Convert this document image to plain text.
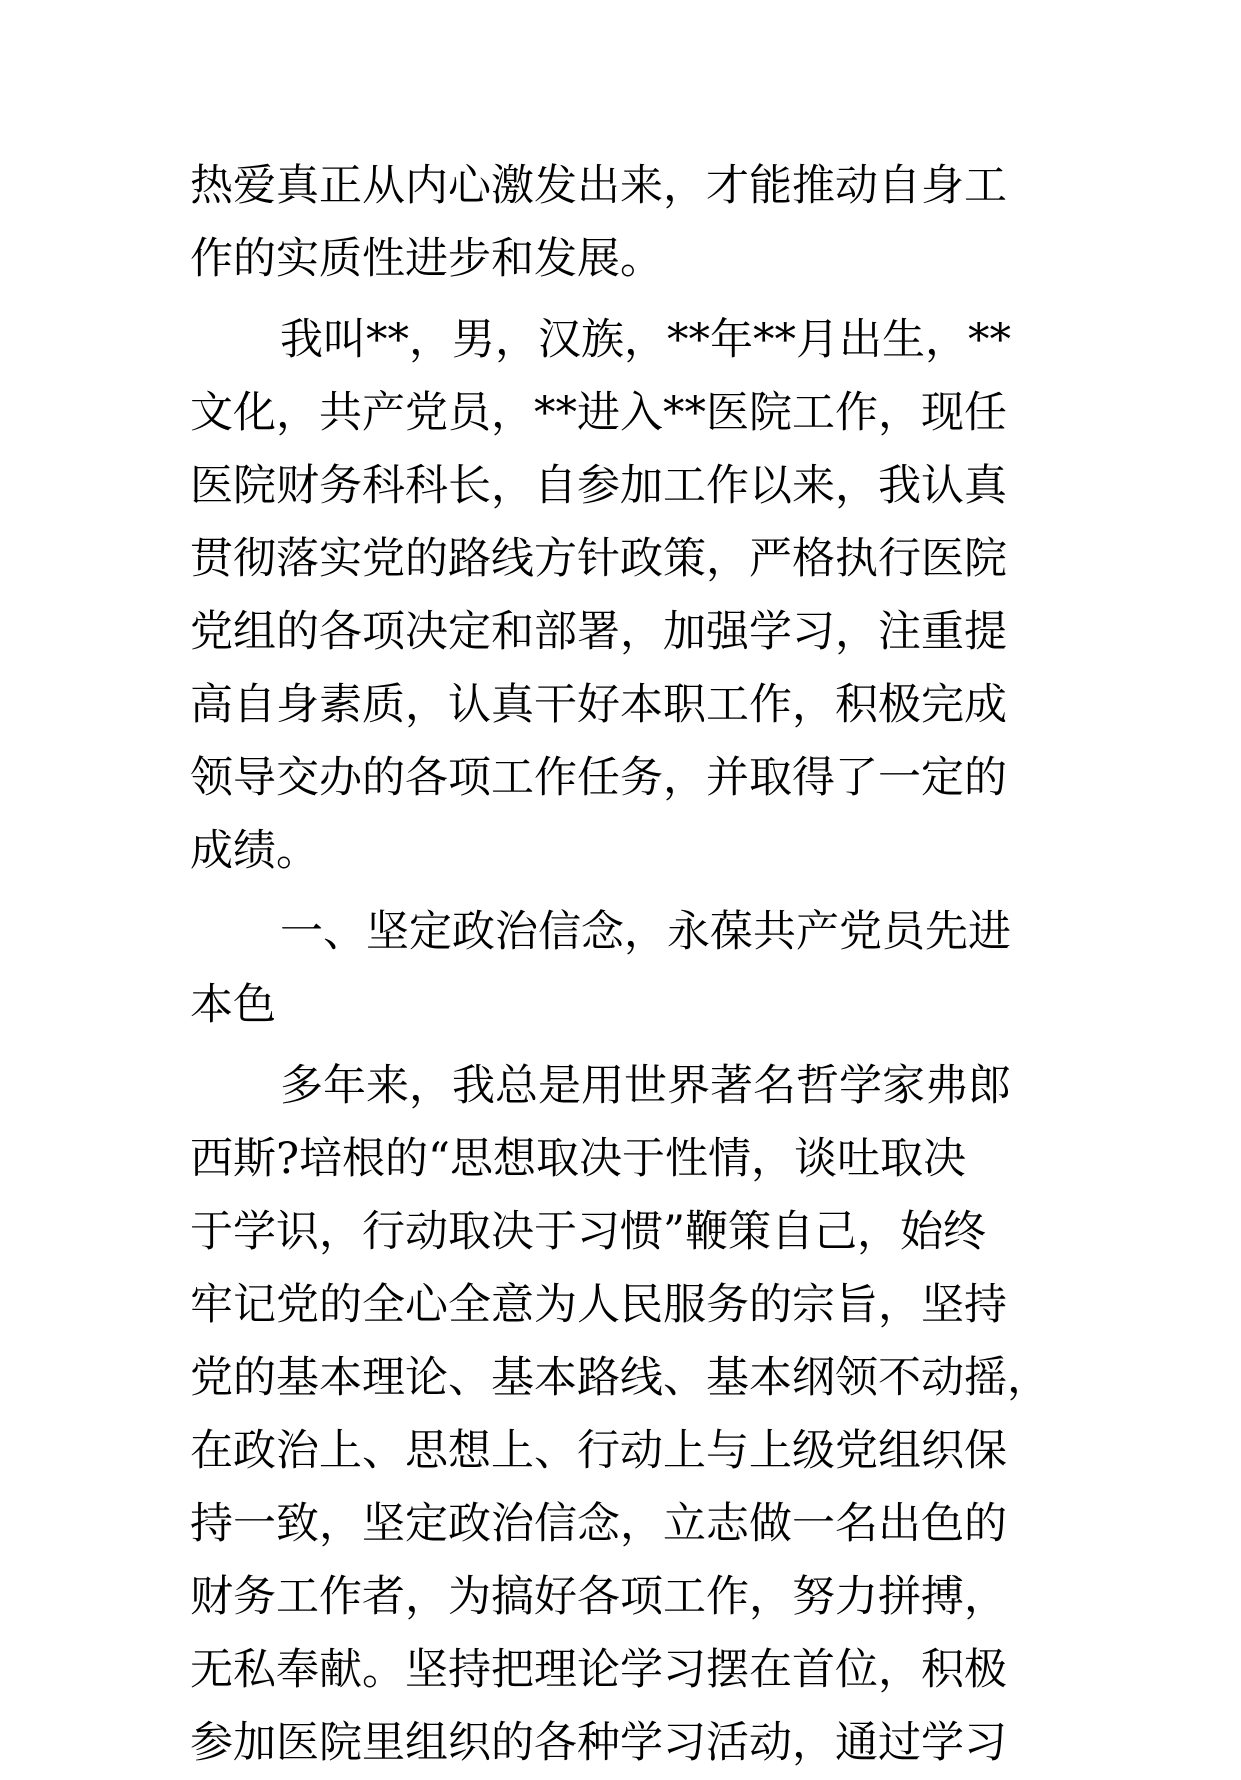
热爱真正从内心激发出来，才能推动自身工
作的实质性进步和发展。
我叫**，男，汉族，**年**月出生，**
文化，共产党员，**进入**医院工作，现任
医院财务科科长，自参加工作以来，我认真
贯彻落实党的路线方针政策，严格执行医院
党组的各项决定和部署，加强学习，注重提
高自身素质，认真干好本职工作，积极完成
领导交办的各项工作任务，并取得了一定的
成绩。
一、坚定政治信念，永葆共产党员先进
本色
多年来，我总是用世界著名哲学家弗郎
西斯?培根的“思想取决于性情，谈吐取决
于学识，行动取决于习惯”鞭策自己，始终
牢记党的全心全意为人民服务的宗旨，坚持
党的基本理论、基本路线、基本纲领不动摇，
在政治上、思想上、行动上与上级党组织保
持一致，坚定政治信念，立志做一名出色的
财务工作者，为搞好各项工作，努力拼搏，
无私奉献。坚持把理论学习摆在首位，积极
参加医院里组织的各种学习活动，通过学习
